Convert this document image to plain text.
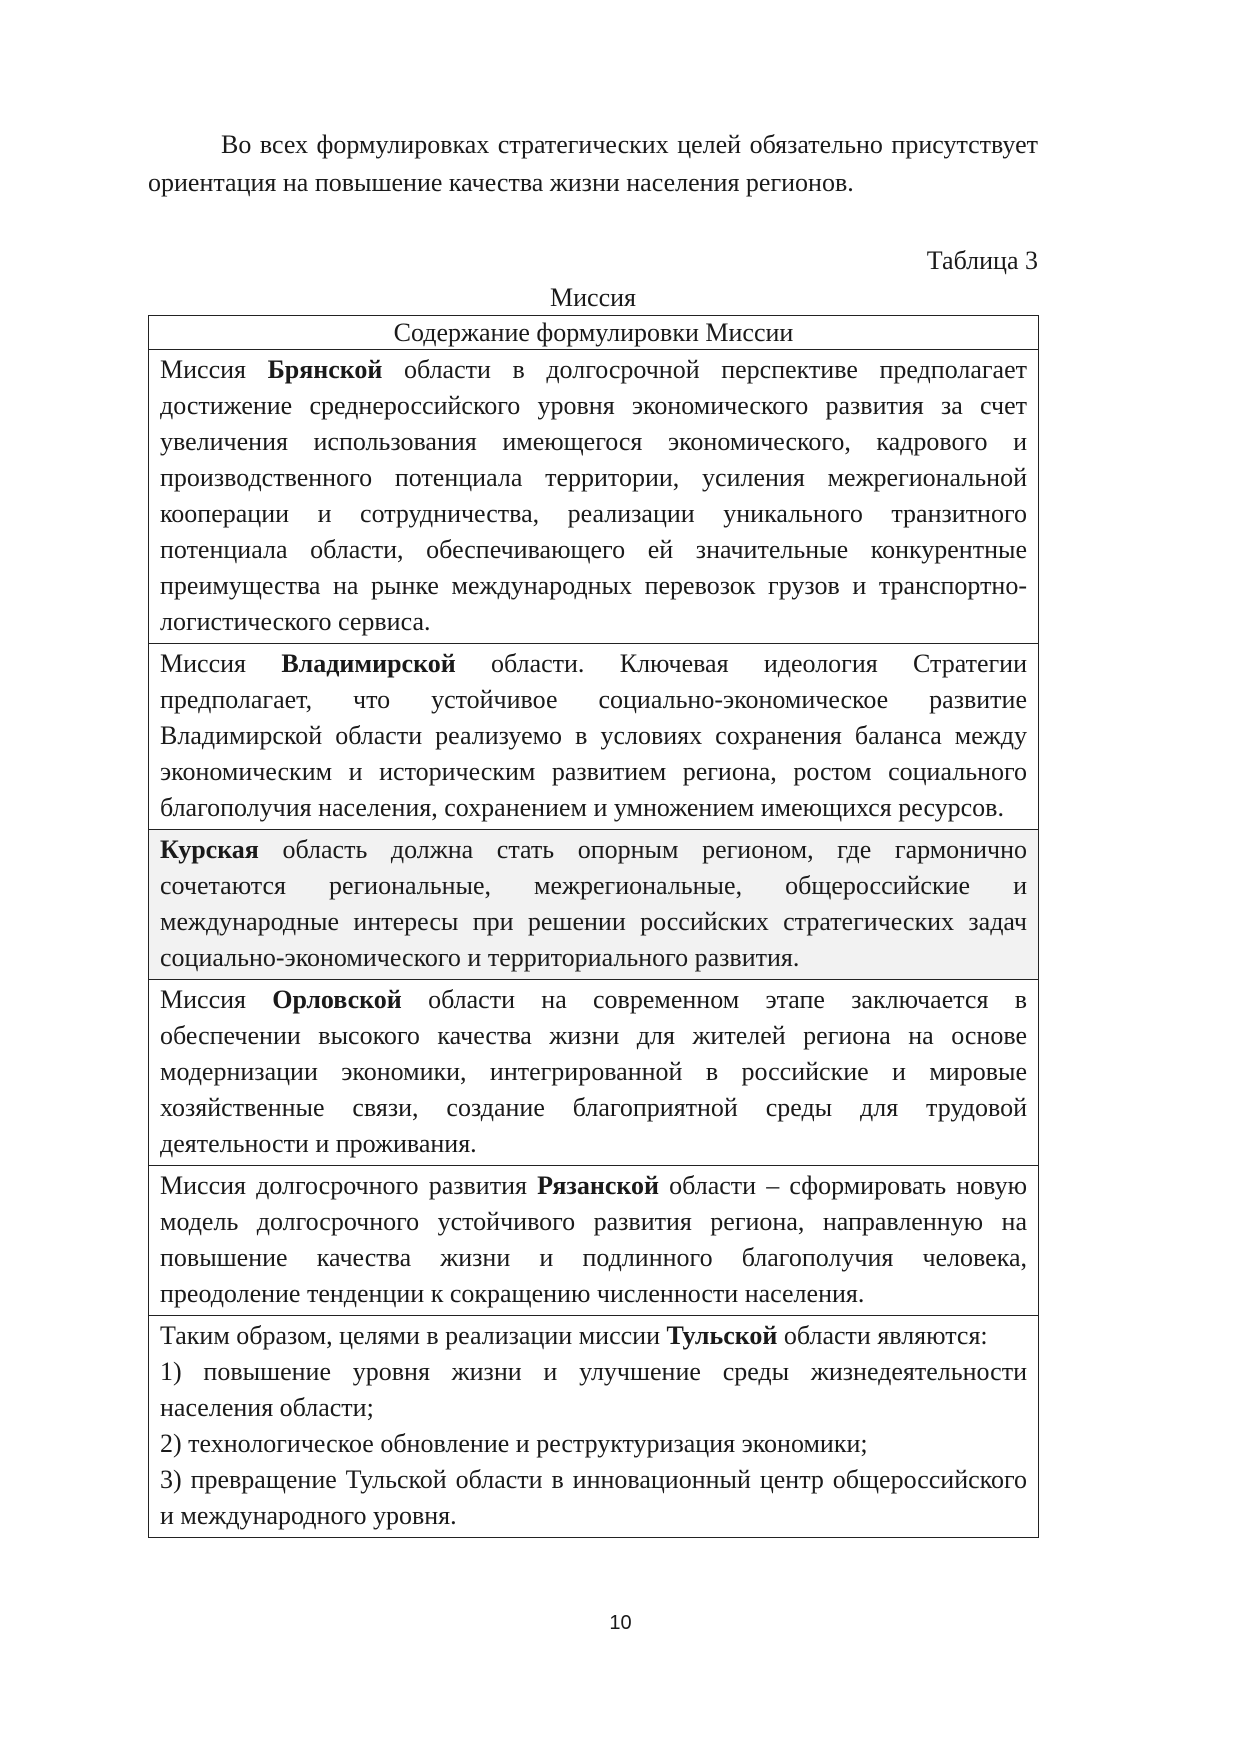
Во всех формулировках стратегических целей обязательно присутствует ориентация на повышение качества жизни населения регионов.

Таблица 3

Миссия

Содержание формулировки Миссии
Миссия Брянской области в долгосрочной перспективе предполагает достижение среднероссийского уровня экономического развития за счет увеличения использования имеющегося экономического, кадрового и производственного потенциала территории, усиления межрегиональной кооперации и сотрудничества, реализации уникального транзитного потенциала области, обеспечивающего ей значительные конкурентные преимущества на рынке международных перевозок грузов и транспортно-логистического сервиса.
Миссия Владимирской области. Ключевая идеология Стратегии предполагает, что устойчивое социально-экономическое развитие Владимирской области реализуемо в условиях сохранения баланса между экономическим и историческим развитием региона, ростом социального благополучия населения, сохранением и умножением имеющихся ресурсов.
Курская область должна стать опорным регионом, где гармонично сочетаются региональные, межрегиональные, общероссийские и международные интересы при решении российских стратегических задач социально-экономического и территориального развития.
Миссия Орловской области на современном этапе заключается в обеспечении высокого качества жизни для жителей региона на основе модернизации экономики, интегрированной в российские и мировые хозяйственные связи, создание благоприятной среды для трудовой деятельности и проживания.
Миссия долгосрочного развития Рязанской области – сформировать новую модель долгосрочного устойчивого развития региона, направленную на повышение качества жизни и подлинного благополучия человека, преодоление тенденции к сокращению численности населения.

Таким образом, целями в реализации миссии Тульской области являются:

1) повышение уровня жизни и улучшение среды жизнедеятельности населения области;

2) технологическое обновление и реструктуризация экономики;

3) превращение Тульской области в инновационный центр общероссийского и международного уровня.

10
